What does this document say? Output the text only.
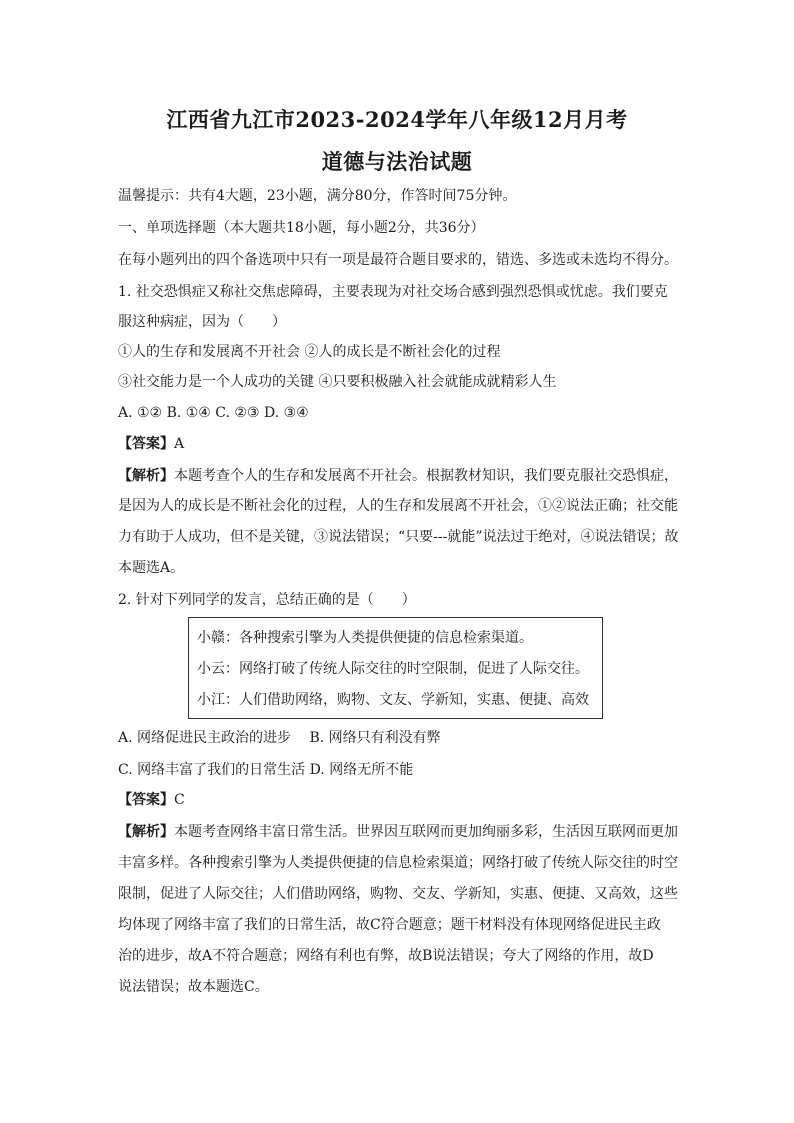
江西省九江市2023-2024学年八年级12月月考
道德与法治试题
温馨提示：共有4大题，23小题，满分80分，作答时间75分钟。
一、单项选择题（本大题共18小题，每小题2分，共36分）
在每小题列出的四个备选项中只有一项是最符合题目要求的，错选、多选或未选均不得分。
1. 社交恐惧症又称社交焦虑障碍，主要表现为对社交场合感到强烈恐惧或忧虑。我们要克
服这种病症，因为（　　）
①人的生存和发展离不开社会 ②人的成长是不断社会化的过程
③社交能力是一个人成功的关键 ④只要积极融入社会就能成就精彩人生
A. ①② B. ①④ C. ②③ D. ③④
【答案】A
【解析】本题考查个人的生存和发展离不开社会。根据教材知识，我们要克服社交恐惧症，
是因为人的成长是不断社会化的过程，人的生存和发展离不开社会，①②说法正确；社交能
力有助于人成功，但不是关键，③说法错误；“只要---就能”说法过于绝对，④说法错误；故
本题选A。
2. 针对下列同学的发言，总结正确的是（　　）
小赣：各种搜索引擎为人类提供便捷的信息检索渠道。
小云：网络打破了传统人际交往的时空限制，促进了人际交往。
小江：人们借助网络，购物、文友、学新知，实惠、便捷、高效
A. 网络促进民主政治的进步　 B. 网络只有利没有弊
C. 网络丰富了我们的日常生活 D. 网络无所不能
【答案】C
【解析】本题考查网络丰富日常生活。世界因互联网而更加绚丽多彩，生活因互联网而更加
丰富多样。各种搜索引擎为人类提供便捷的信息检索渠道；网络打破了传统人际交往的时空
限制，促进了人际交往；人们借助网络，购物、交友、学新知，实惠、便捷、又高效，这些
均体现了网络丰富了我们的日常生活，故C符合题意；题干材料没有体现网络促进民主政
治的进步，故A不符合题意；网络有利也有弊，故B说法错误；夸大了网络的作用，故D
说法错误；故本题选C。
